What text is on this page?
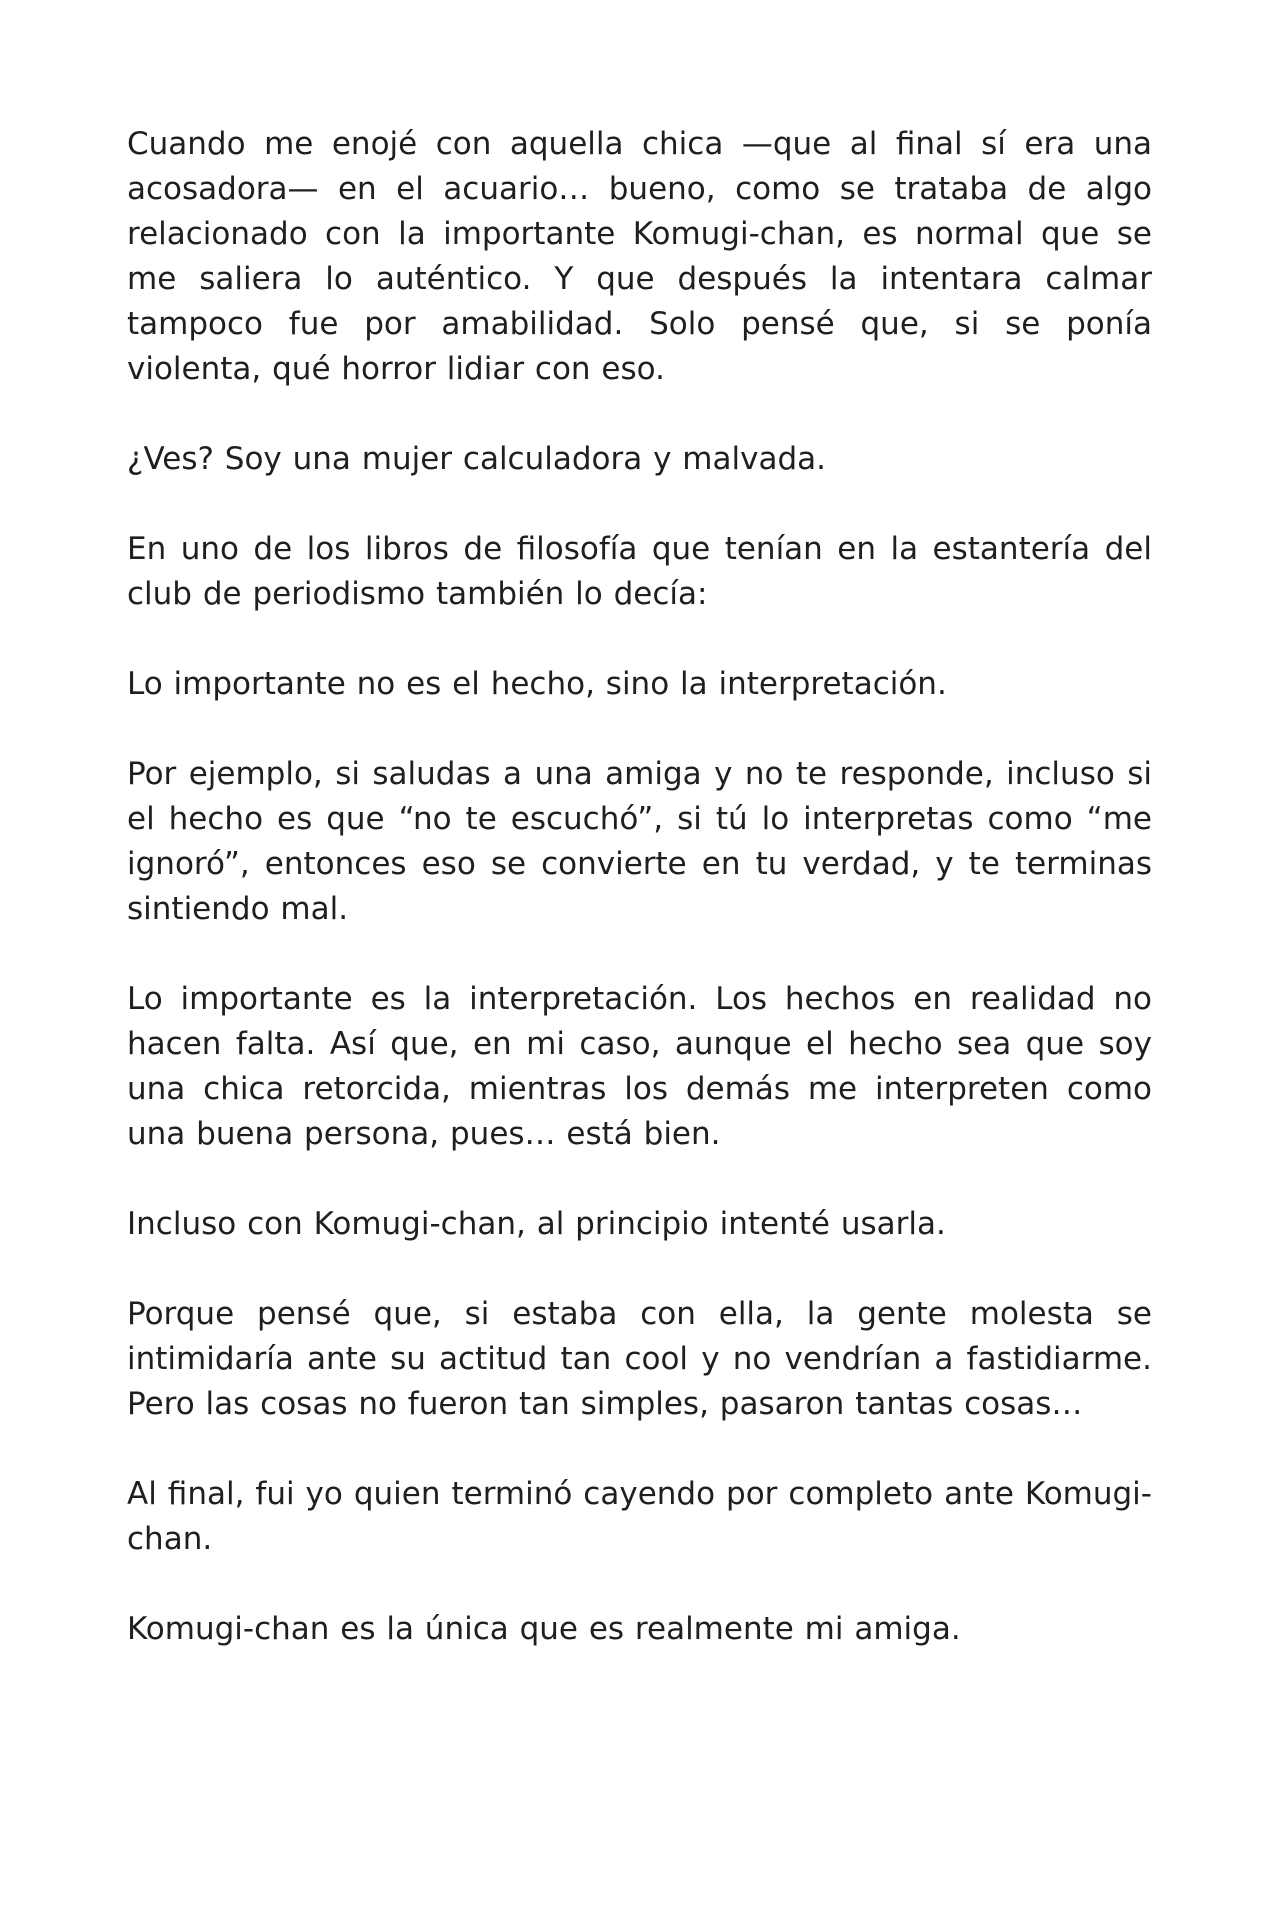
Cuando me enojé con aquella chica —que al final sí era una acosadora— en el acuario… bueno, como se trataba de algo relacionado con la importante Komugi-chan, es normal que se me saliera lo auténtico. Y que después la intentara calmar tampoco fue por amabilidad. Solo pensé que, si se ponía violenta, qué horror lidiar con eso.

¿Ves? Soy una mujer calculadora y malvada.

En uno de los libros de filosofía que tenían en la estantería del club de periodismo también lo decía:

Lo importante no es el hecho, sino la interpretación.

Por ejemplo, si saludas a una amiga y no te responde, incluso si el hecho es que “no te escuchó”, si tú lo interpretas como “me ignoró”, entonces eso se convierte en tu verdad, y te terminas sintiendo mal.

Lo importante es la interpretación. Los hechos en realidad no hacen falta. Así que, en mi caso, aunque el hecho sea que soy una chica retorcida, mientras los demás me interpreten como una buena persona, pues… está bien.

Incluso con Komugi-chan, al principio intenté usarla.

Porque pensé que, si estaba con ella, la gente molesta se intimidaría ante su actitud tan cool y no vendrían a fastidiarme. Pero las cosas no fueron tan simples, pasaron tantas cosas…

Al final, fui yo quien terminó cayendo por completo ante Komugi-chan.

Komugi-chan es la única que es realmente mi amiga.
